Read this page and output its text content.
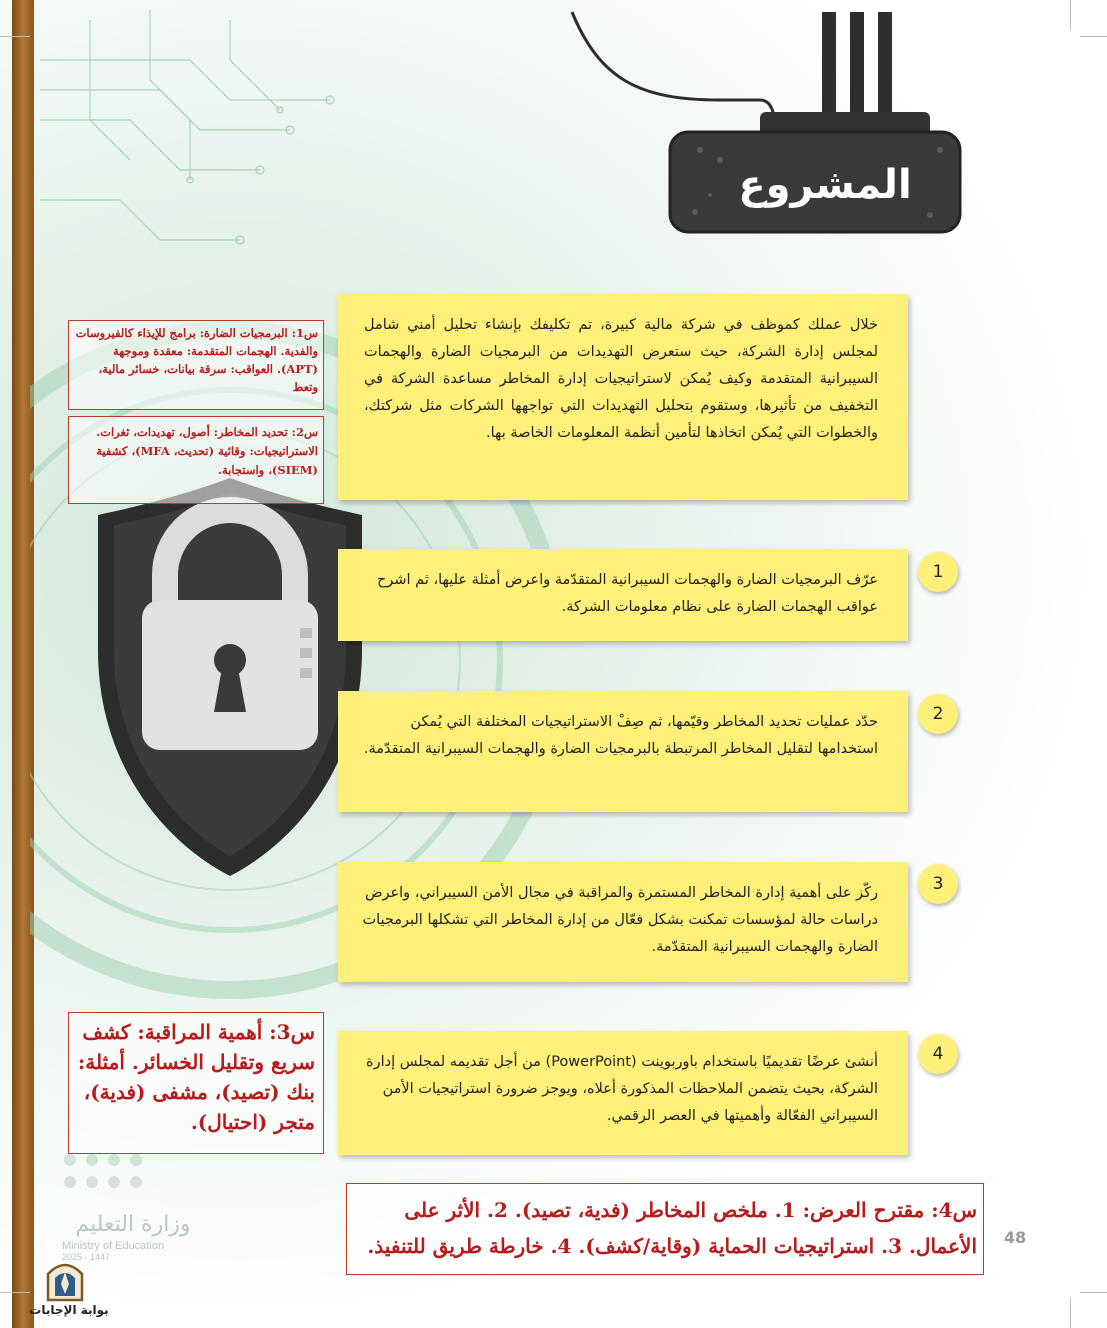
المشروع

خلال عملك كموظف في شركة مالية كبيرة، تم تكليفك بإنشاء تحليل أمني شامل لمجلس إدارة الشركة، حيث ستعرض التهديدات من البرمجيات الضارة والهجمات السيبرانية المتقدمة وكيف يُمكن لاستراتيجيات إدارة المخاطر مساعدة الشركة في التخفيف من تأثيرها، وستقوم بتحليل التهديدات التي تواجهها الشركات مثل شركتك، والخطوات التي يُمكن اتخاذها لتأمين أنظمة المعلومات الخاصة بها.

عرّف البرمجيات الضارة والهجمات السيبرانية المتقدّمة واعرض أمثلة عليها، ثم اشرح عواقب الهجمات الضارة على نظام معلومات الشركة.

1

حدّد عمليات تحديد المخاطر وقيّمها، ثم صِفْ الاستراتيجيات المختلفة التي يُمكن استخدامها لتقليل المخاطر المرتبطة بالبرمجيات الضارة والهجمات السيبرانية المتقدّمة.

2

ركّز على أهمية إدارة المخاطر المستمرة والمراقبة في مجال الأمن السيبراني، واعرض دراسات حالة لمؤسسات تمكنت بشكل فعّال من إدارة المخاطر التي تشكلها البرمجيات الضارة والهجمات السيبرانية المتقدّمة.

3

أنشئ عرضًا تقديميًا باستخدام باوربوينت (PowerPoint) من أجل تقديمه لمجلس إدارة الشركة، بحيث يتضمن الملاحظات المذكورة أعلاه، ويوجز ضرورة استراتيجيات الأمن السيبراني الفعّالة وأهميتها في العصر الرقمي.

4
س1: البرمجيات الضارة: برامج للإيذاء كالفيروسات والفدية. الهجمات المتقدمة: معقدة وموجهة (APT). العواقب: سرقة بيانات، خسائر مالية، وتعط
س2: تحديد المخاطر: أصول، تهديدات، ثغرات. الاستراتيجيات: وقائية (تحديث، MFA)، كشفية (SIEM)، واستجابة.
س3: أهمية المراقبة: كشف سريع وتقليل الخسائر. أمثلة: بنك (تصيد)، مشفى (فدية)، متجر (احتيال).
س4: مقترح العرض: 1. ملخص المخاطر (فدية، تصيد). 2. الأثر على الأعمال. 3. استراتيجيات الحماية (وقاية/كشف). 4. خارطة طريق للتنفيذ.	48
وزارة التعليم
Ministry of Education
2025 - 1447
بوابة الإجابات
